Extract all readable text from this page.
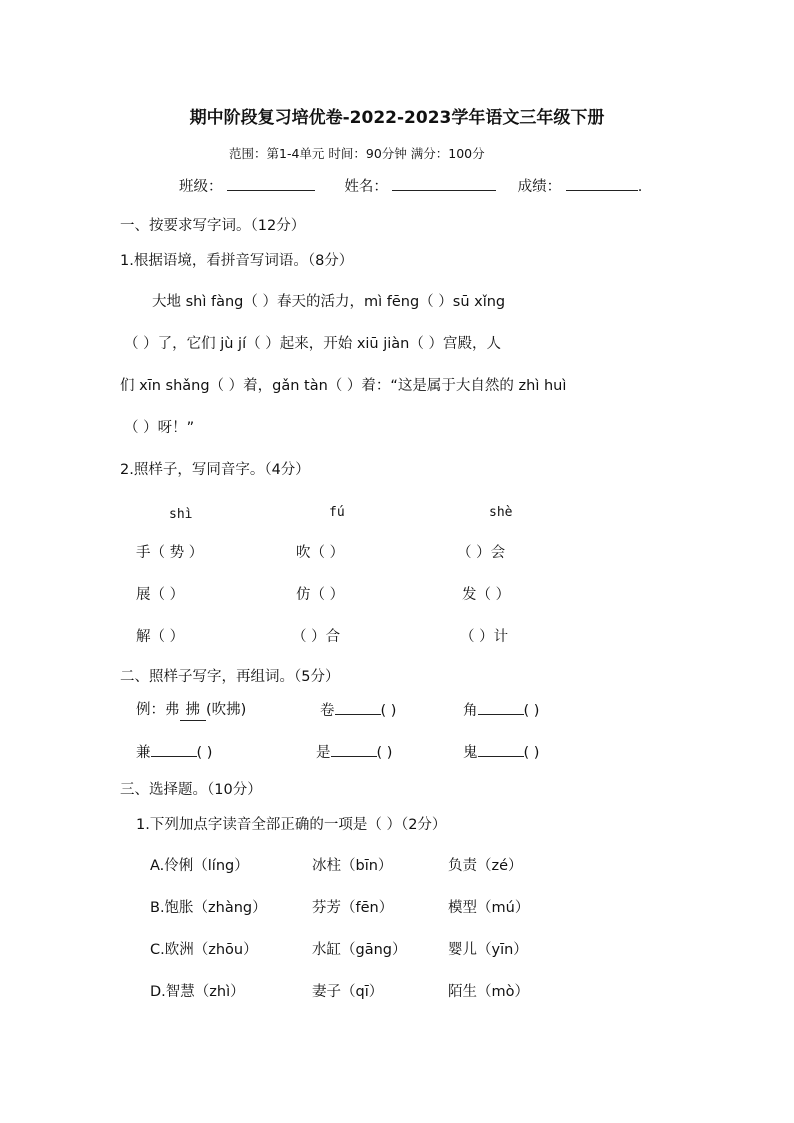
期中阶段复习培优卷-2022-2023学年语文三年级下册
范围：第1-4单元 时间：90分钟 满分：100分
班级：	姓名：	成绩：	.
一、按要求写字词。（12分）
1.根据语境，看拼音写词语。（8分）
大地 shì fàng（ ）春天的活力，mì fēng（ ）sū xǐng
（ ）了，它们 jù jí（ ）起来，开始 xiū jiàn（ ）宫殿，人
们 xīn shǎng（ ）着，gǎn tàn（ ）着：“这是属于大自然的 zhì huì
（ ）呀！”
2.照样子，写同音字。（4分）
shì	fú	shè
手（ 势 ）	吹（ ）	（ ）会
展（ ）	仿（ ）	发（ ）
解（ ）	（ ）合	（ ）计
二、照样子写字，再组词。（5分）
例：弗 拂 (吹拂)	卷	( )	角	( )
兼	( )	是	( )	鬼	( )
三、选择题。（10分）
1.下列加点字读音全部正确的一项是（ ）（2分）
A.伶俐（líng）	冰柱（bīn）	负责（zé）
B.饱胀（zhàng）	芬芳（fēn）	模型（mú）
C.欧洲（zhōu）	水缸（gāng）	婴儿（yīn）
D.智慧（zhì）	妻子（qī）	陌生（mò）
